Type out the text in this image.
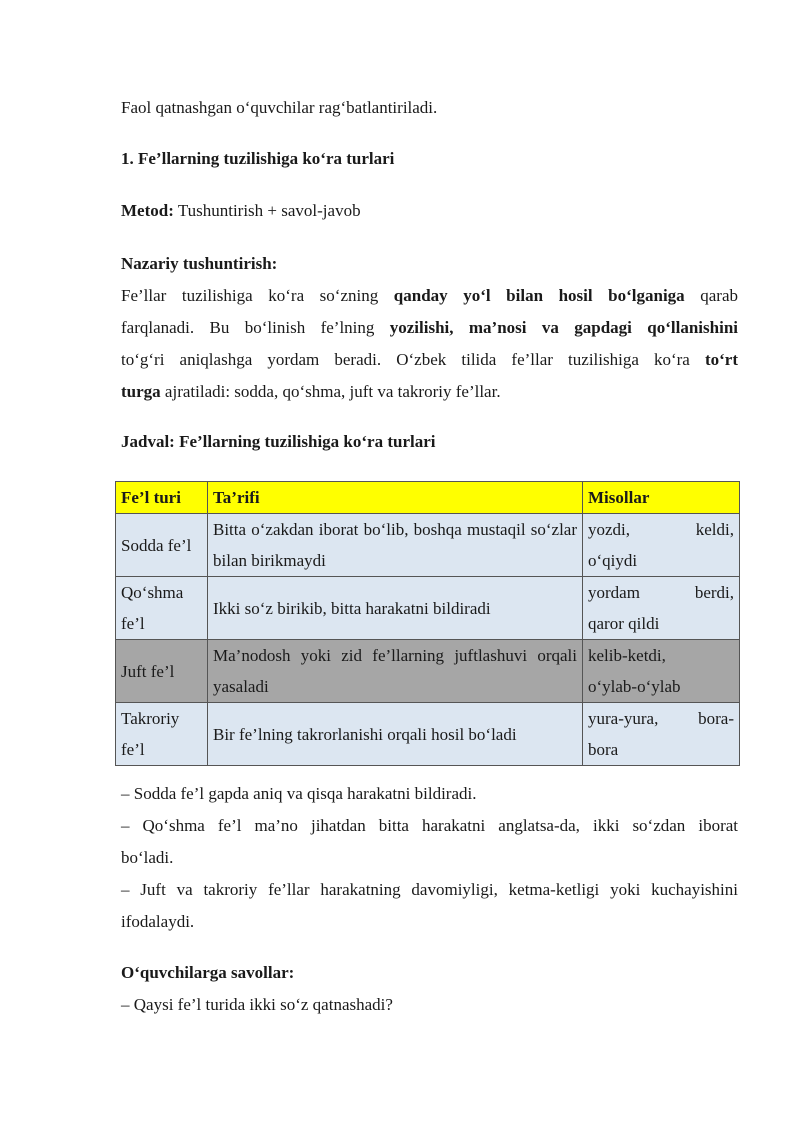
Faol qatnashgan o‘quvchilar rag‘batlantiriladi.

1. Fe’llarning tuzilishiga ko‘ra turlari

Metod: Tushuntirish + savol-javob

Nazariy tushuntirish:

Fe’llar tuzilishiga ko‘ra so‘zning qanday yo‘l bilan hosil bo‘lganiga qarab
farqlanadi. Bu bo‘linish fe’lning yozilishi, ma’nosi va gapdagi qo‘llanishini
to‘g‘ri aniqlashga yordam beradi. O‘zbek tilida fe’llar tuzilishiga ko‘ra to‘rt
turga ajratiladi: sodda, qo‘shma, juft va takroriy fe’llar.

Jadval: Fe’llarning tuzilishiga ko‘ra turlari

– Sodda fe’l gapda aniq va qisqa harakatni bildiradi.
– Qo‘shma fe’l ma’no jihatdan bitta harakatni anglatsa-da, ikki so‘zdan iborat
bo‘ladi.
– Juft va takroriy fe’llar harakatning davomiyligi, ketma-ketligi yoki kuchayishini
ifodalaydi.

O‘quvchilarga savollar:

– Qaysi fe’l turida ikki so‘z qatnashadi?

Fe’l turi	Ta’rifi	Misollar
Sodda fe’l	Bitta o‘zakdan iborat bo‘lib, boshqa mustaqil so‘zlar bilan birikmaydi	yozdi, keldi,
o‘qiydi

Qo‘shma fe’l	Ikki so‘z birikib, bitta harakatni bildiradi	yordam berdi,
qaror qildi

Juft fe’l	Ma’nodosh yoki zid fe’llarning juftlashuvi orqali yasaladi	kelib-ketdi,
o‘ylab-o‘ylab

Takroriy fe’l	Bir fe’lning takrorlanishi orqali hosil bo‘ladi	yura-yura, bora-
bora
